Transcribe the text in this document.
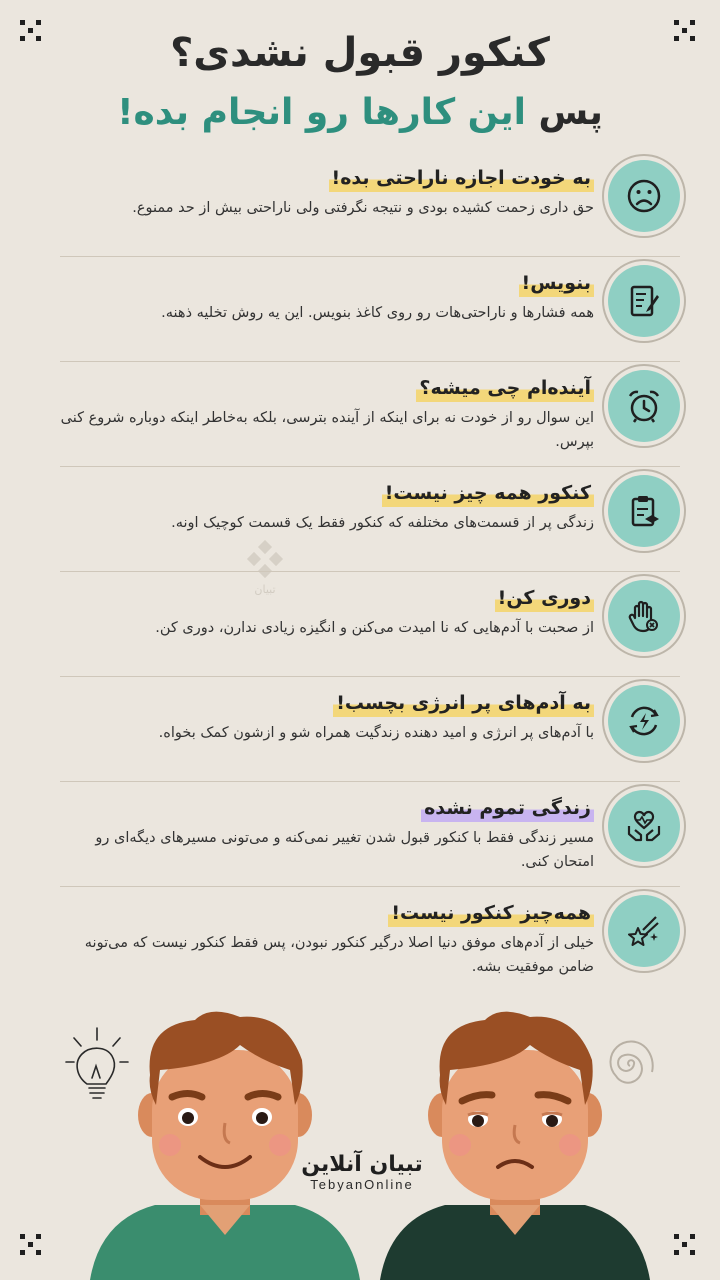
کنکور قبول نشدی؟
پس این کارها رو انجام بده!
تبیان
به خودت اجازه ناراحتی بده!
حق داری زحمت کشیده بودی و نتیجه نگرفتی ولی ناراحتی بیش از حد ممنوع.
بنویس!
همه فشارها و ناراحتی‌هات رو روی کاغذ بنویس. این یه روش تخلیه ذهنه.
آینده‌ام چی میشه؟
این سوال رو از خودت نه برای اینکه از آینده بترسی، بلکه به‌خاطر اینکه دوباره شروع کنی بپرس.
کنکور همه چیز نیست!
زندگی پر از قسمت‌های مختلفه که کنکور فقط یک قسمت کوچیک اونه.
دوری کن!
از صحبت با آدم‌هایی که نا امیدت می‌کنن و انگیزه زیادی ندارن، دوری کن.
به آدم‌های پر انرژی بچسب!
با آدم‌های پر انرژی و امید دهنده زندگیت همراه شو و ازشون کمک بخواه.
زندگی تموم نشده
مسیر زندگی فقط با کنکور قبول شدن تغییر نمی‌کنه و می‌تونی مسیرهای دیگه‌ای رو امتحان کنی.
همه‌چیز کنکور نیست!
خیلی از آدم‌های موفق دنیا اصلا درگیر کنکور نبودن، پس فقط کنکور نیست که می‌تونه ضامن موفقیت بشه.
تبیان آنلاین
TebyanOnline
